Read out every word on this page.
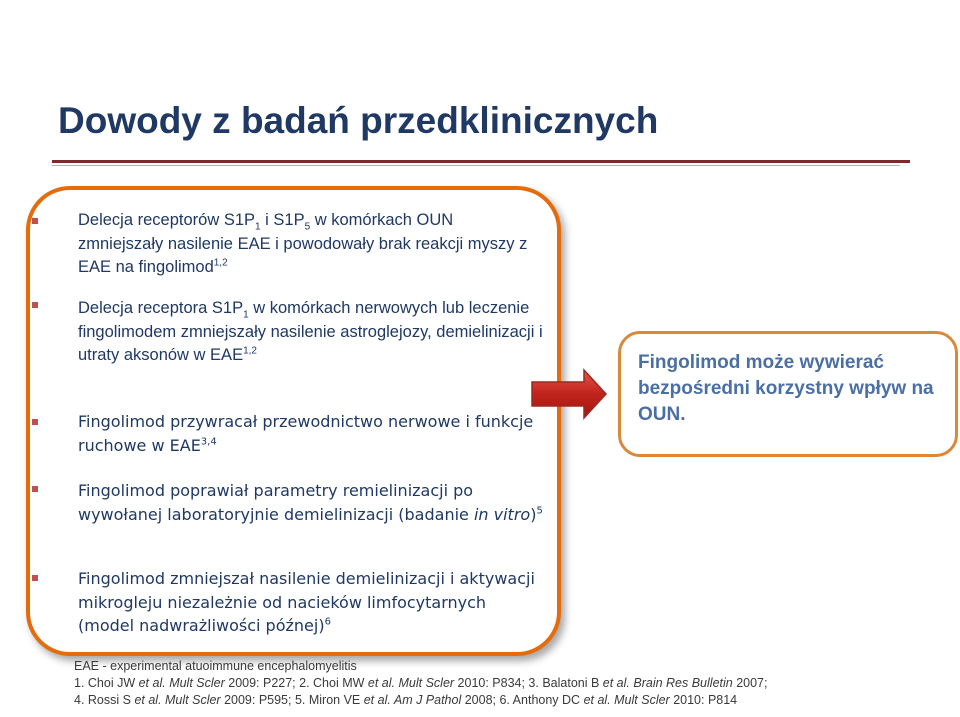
Dowody z badań przedklinicznych
Delecja receptorów $S1P_1$ i $S1P_5$ w komórkach OUN zmniejszały nasilenie EAE i powodowały brak reakcji myszy z EAE na fingolimod$^{1,2}$
Delecja receptora $S1P_1$ w komórkach nerwowych lub leczenie fingolimodem zmniejszały nasilenie astroglejozy, demielinizacji i utraty aksonów w EAE$^{1,2}$
Fingolimod przywracał przewodnictwo nerwowe i funkcje ruchowe w EAE$^{3,4}$
Fingolimod poprawiał parametry remielinizacji po wywołanej laboratoryjnie demielinizacji (badanie in vitro)$^5$
Fingolimod zmniejszał nasilenie demielinizacji i aktywacji mikrogleju niezależnie od nacieków limfocytarnych (model nadwrażliwości późnej)$^6$
Fingolimod może wywierać bezpośredni korzystny wpływ na OUN.
EAE - experimental atuoimmune encephalomyelitis
1. Choi JW et al. Mult Scler 2009: P227; 2. Choi MW et al. Mult Scler 2010: P834; 3. Balatoni B et al. Brain Res Bulletin 2007;
4. Rossi S et al. Mult Scler 2009: P595; 5. Miron VE et al. Am J Pathol 2008; 6. Anthony DC et al. Mult Scler 2010: P814
